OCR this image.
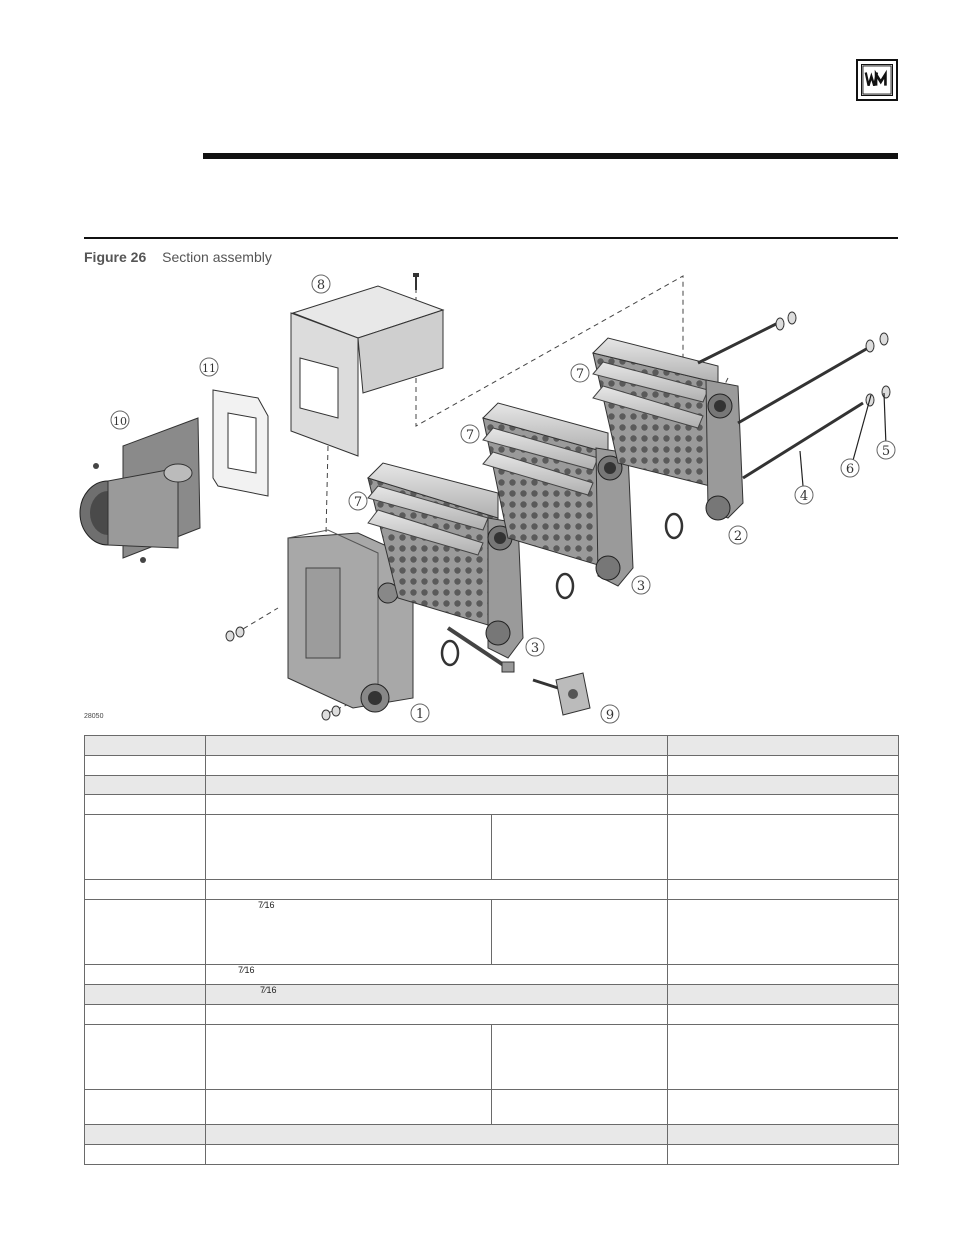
Figure 26 Section assembly
1
2
3
3
4
5
6
7
7
7
8
9
10
11
28050

	7⁄16		
	7⁄16		
	7⁄16		
